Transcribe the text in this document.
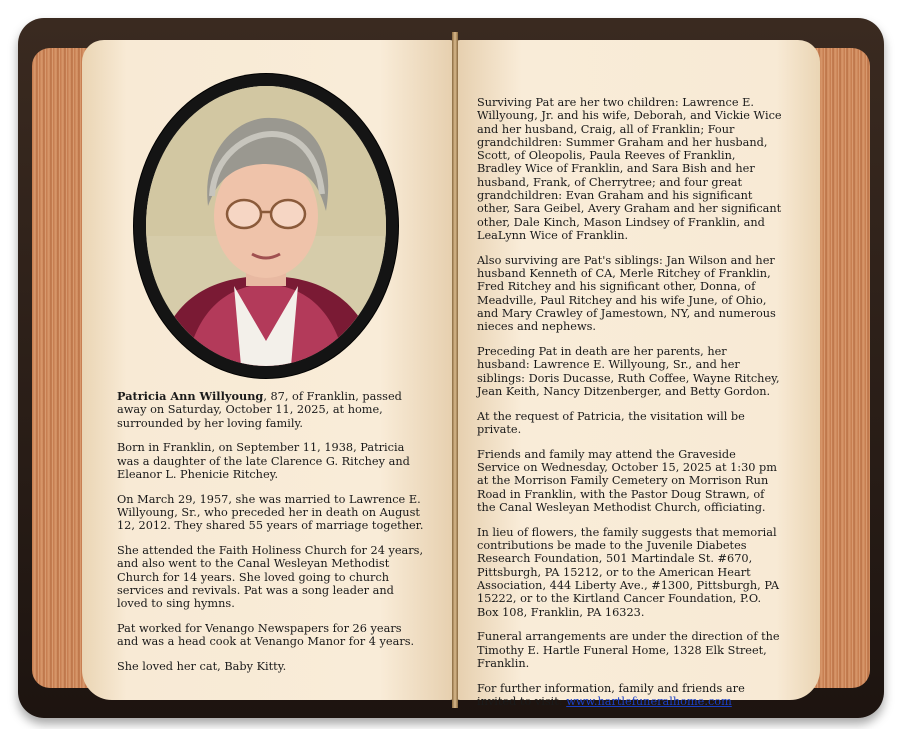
Patricia Ann Willyoung, 87, of Franklin, passed away on Saturday, October 11, 2025, at home, surrounded by her loving family.

Born in Franklin, on September 11, 1938, Patricia was a daughter of the late Clarence G. Ritchey and Eleanor L. Phenicie Ritchey.

On March 29, 1957, she was married to Lawrence E. Willyoung, Sr., who preceded her in death on August 12, 2012. They shared 55 years of marriage together.

She attended the Faith Holiness Church for 24 years, and also went to the Canal Wesleyan Methodist Church for 14 years. She loved going to church services and revivals. Pat was a song leader and loved to sing hymns.

Pat worked for Venango Newspapers for 26 years and was a head cook at Venango Manor for 4 years.

She loved her cat, Baby Kitty.

Surviving Pat are her two children: Lawrence E. Willyoung, Jr. and his wife, Deborah, and Vickie Wice and her husband, Craig, all of Franklin; Four grandchildren: Summer Graham and her husband, Scott, of Oleopolis, Paula Reeves of Franklin, Bradley Wice of Franklin, and Sara Bish and her husband, Frank, of Cherrytree; and four great grandchildren: Evan Graham and his significant other, Sara Geibel, Avery Graham and her significant other, Dale Kinch, Mason Lindsey of Franklin, and LeaLynn Wice of Franklin.

Also surviving are Pat's siblings: Jan Wilson and her husband Kenneth of CA, Merle Ritchey of Franklin, Fred Ritchey and his significant other, Donna, of Meadville, Paul Ritchey and his wife June, of Ohio, and Mary Crawley of Jamestown, NY, and numerous nieces and nephews.

Preceding Pat in death are her parents, her husband: Lawrence E. Willyoung, Sr., and her siblings: Doris Ducasse, Ruth Coffee, Wayne Ritchey, Jean Keith, Nancy Ditzenberger, and Betty Gordon.

At the request of Patricia, the visitation will be private.

Friends and family may attend the Graveside Service on Wednesday, October 15, 2025 at 1:30 pm at the Morrison Family Cemetery on Morrison Run Road in Franklin, with the Pastor Doug Strawn, of the Canal Wesleyan Methodist Church, officiating.

In lieu of flowers, the family suggests that memorial contributions be made to the Juvenile Diabetes Research Foundation, 501 Martindale St. #670, Pittsburgh, PA 15212, or to the American Heart Association, 444 Liberty Ave., #1300, Pittsburgh, PA 15222, or to the Kirtland Cancer Foundation, P.O. Box 108, Franklin, PA 16323.

Funeral arrangements are under the direction of the Timothy E. Hartle Funeral Home, 1328 Elk Street, Franklin.

For further information, family and friends are invited to visit: www.hartlefuneralhome.com.
